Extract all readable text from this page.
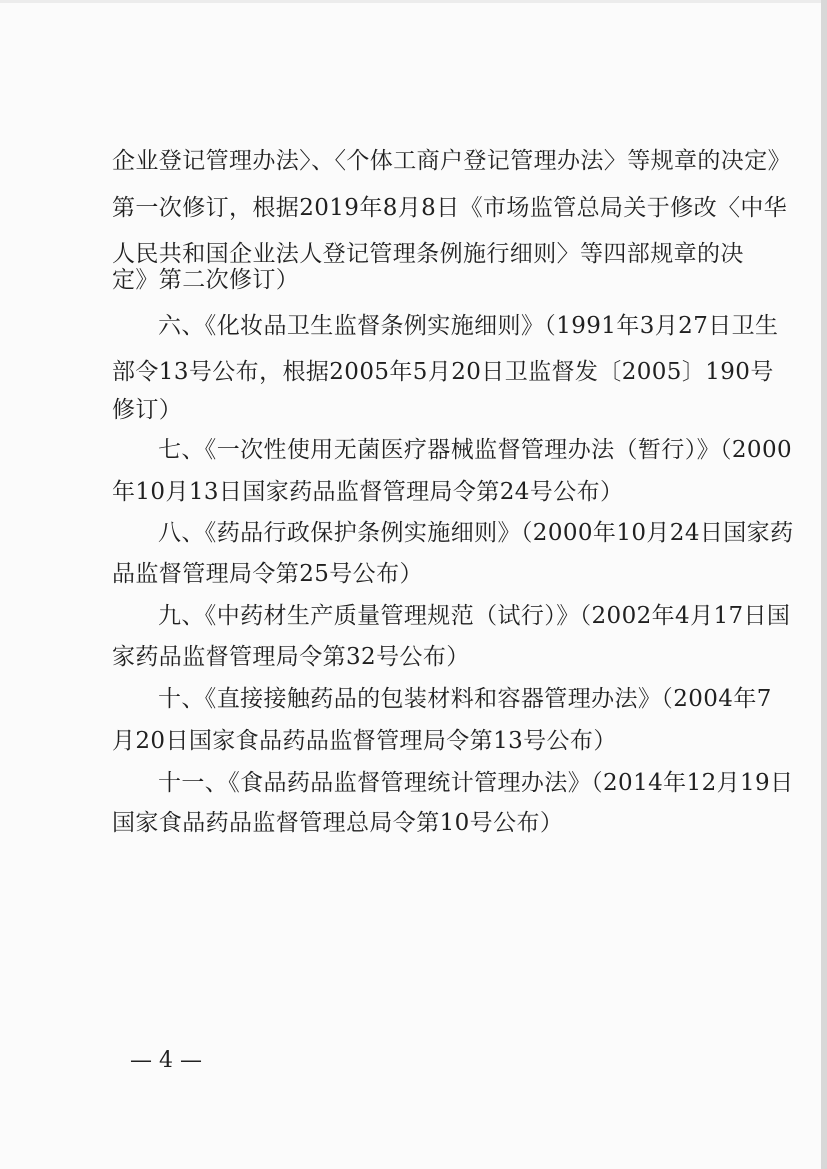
企业登记管理办法〉、〈个体工商户登记管理办法〉等规章的决定》
第一次修订，根据2019年8月8日《市场监管总局关于修改〈中华
人民共和国企业法人登记管理条例施行细则〉等四部规章的决
定》第二次修订）
六、《化妆品卫生监督条例实施细则》（1991年3月27日卫生
部令13号公布，根据2005年5月20日卫监督发〔2005〕190号
修订）
七、《一次性使用无菌医疗器械监督管理办法（暂行）》（2000
年10月13日国家药品监督管理局令第24号公布）
八、《药品行政保护条例实施细则》（2000年10月24日国家药
品监督管理局令第25号公布）
九、《中药材生产质量管理规范（试行）》（2002年4月17日国
家药品监督管理局令第32号公布）
十、《直接接触药品的包装材料和容器管理办法》（2004年7
月20日国家食品药品监督管理局令第13号公布）
十一、《食品药品监督管理统计管理办法》（2014年12月19日
国家食品药品监督管理总局令第10号公布）
— 4 —
